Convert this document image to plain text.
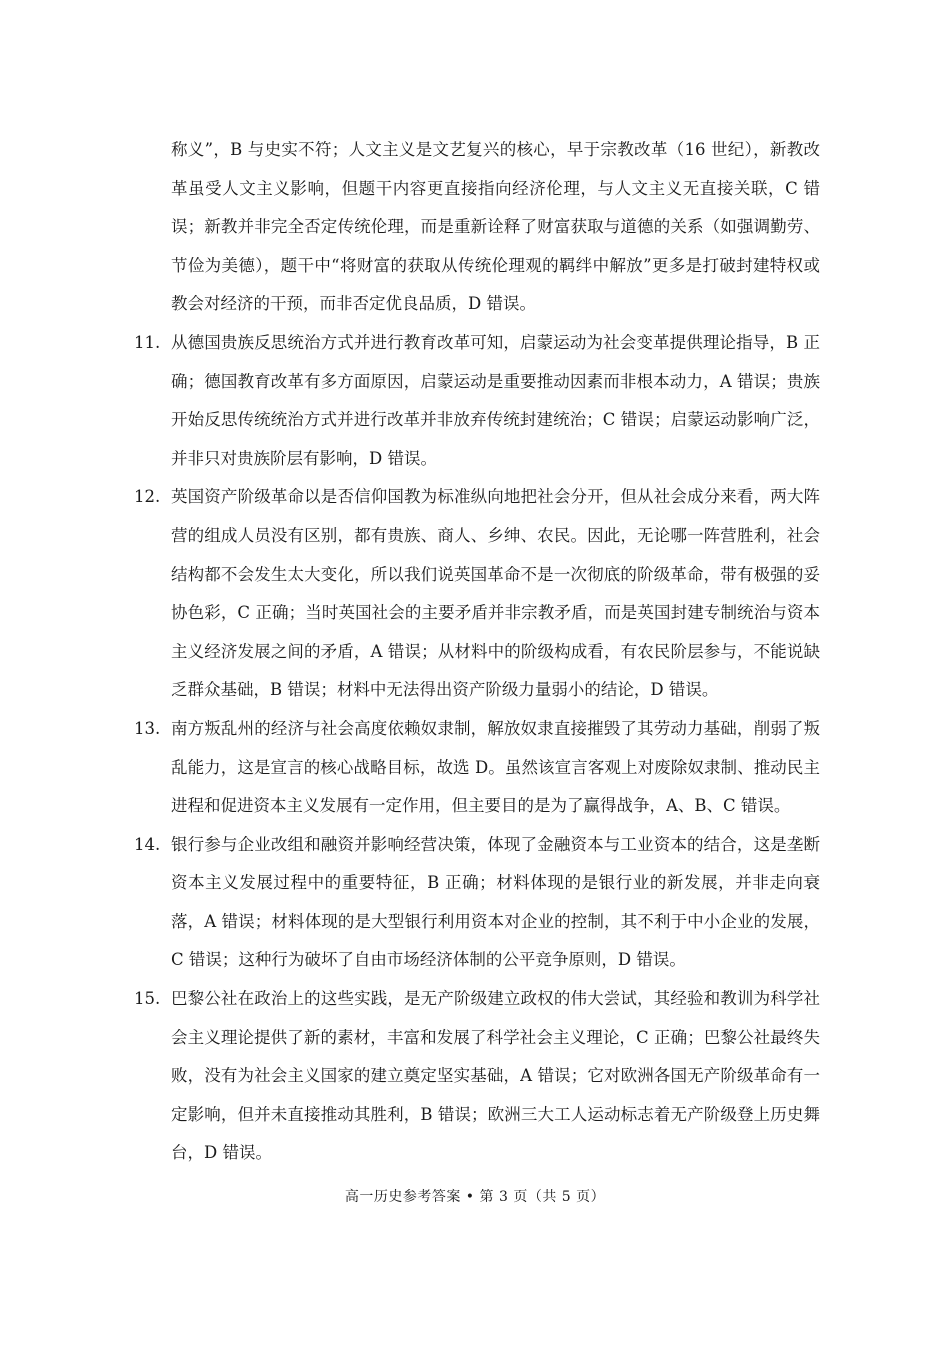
称义”，B 与史实不符；人文主义是文艺复兴的核心，早于宗教改革（16 世纪），新教改革虽受人文主义影响，但题干内容更直接指向经济伦理，与人文主义无直接关联，C 错误；新教并非完全否定传统伦理，而是重新诠释了财富获取与道德的关系（如强调勤劳、节俭为美德），题干中“将财富的获取从传统伦理观的羁绊中解放”更多是打破封建特权或教会对经济的干预，而非否定优良品质，D 错误。
11. 从德国贵族反思统治方式并进行教育改革可知，启蒙运动为社会变革提供理论指导，B 正确；德国教育改革有多方面原因，启蒙运动是重要推动因素而非根本动力，A 错误；贵族开始反思传统统治方式并进行改革并非放弃传统封建统治；C 错误；启蒙运动影响广泛，并非只对贵族阶层有影响，D 错误。
12. 英国资产阶级革命以是否信仰国教为标准纵向地把社会分开，但从社会成分来看，两大阵营的组成人员没有区别，都有贵族、商人、乡绅、农民。因此，无论哪一阵营胜利，社会结构都不会发生太大变化，所以我们说英国革命不是一次彻底的阶级革命，带有极强的妥协色彩，C 正确；当时英国社会的主要矛盾并非宗教矛盾，而是英国封建专制统治与资本主义经济发展之间的矛盾，A 错误；从材料中的阶级构成看，有农民阶层参与，不能说缺乏群众基础，B 错误；材料中无法得出资产阶级力量弱小的结论，D 错误。
13. 南方叛乱州的经济与社会高度依赖奴隶制，解放奴隶直接摧毁了其劳动力基础，削弱了叛乱能力，这是宣言的核心战略目标，故选 D。虽然该宣言客观上对废除奴隶制、推动民主进程和促进资本主义发展有一定作用，但主要目的是为了赢得战争，A、B、C 错误。
14. 银行参与企业改组和融资并影响经营决策，体现了金融资本与工业资本的结合，这是垄断资本主义发展过程中的重要特征，B 正确；材料体现的是银行业的新发展，并非走向衰落，A 错误；材料体现的是大型银行利用资本对企业的控制，其不利于中小企业的发展，C 错误；这种行为破坏了自由市场经济体制的公平竞争原则，D 错误。
15. 巴黎公社在政治上的这些实践，是无产阶级建立政权的伟大尝试，其经验和教训为科学社会主义理论提供了新的素材，丰富和发展了科学社会主义理论，C 正确；巴黎公社最终失败，没有为社会主义国家的建立奠定坚实基础，A 错误；它对欧洲各国无产阶级革命有一定影响，但并未直接推动其胜利，B 错误；欧洲三大工人运动标志着无产阶级登上历史舞台，D 错误。
高一历史参考答案 • 第 3 页（共 5 页）
